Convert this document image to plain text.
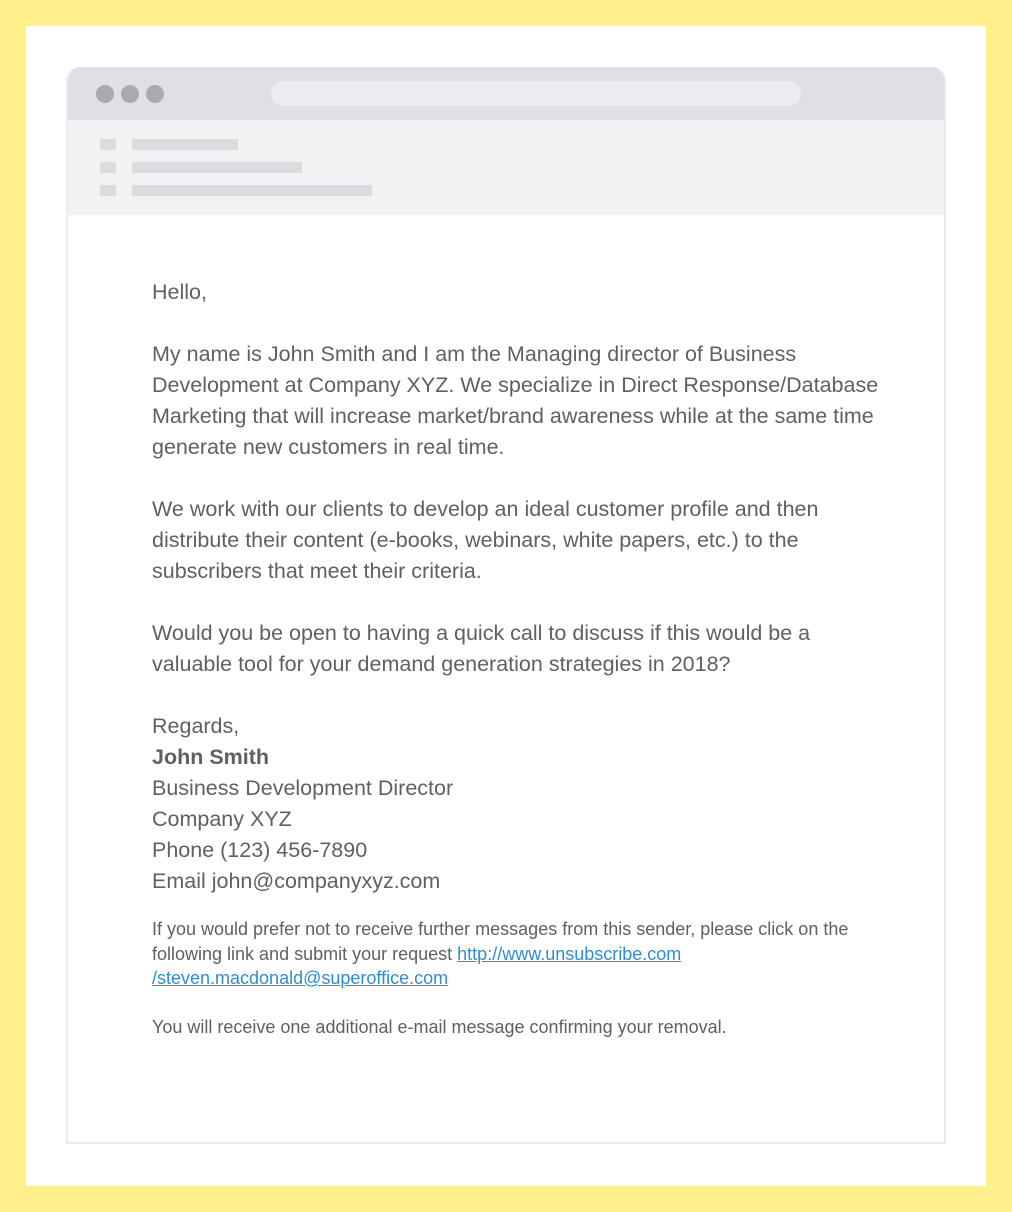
Hello,

My name is John Smith and I am the Managing director of Business Development at Company XYZ. We specialize in Direct Response/Database Marketing that will increase market/brand awareness while at the same time generate new customers in real time.

We work with our clients to develop an ideal customer profile and then distribute their content (e-books, webinars, white papers, etc.) to the subscribers that meet their criteria.

Would you be open to having a quick call to discuss if this would be a valuable tool for your demand generation strategies in 2018?

Regards,

John Smith

Business Development Director

Company XYZ

Phone (123) 456-7890

Email john@companyxyz.com

If you would prefer not to receive further messages from this sender, please click on the following link and submit your request http://www.unsubscribe.com
/steven.macdonald@superoffice.com

You will receive one additional e-mail message confirming your removal.
